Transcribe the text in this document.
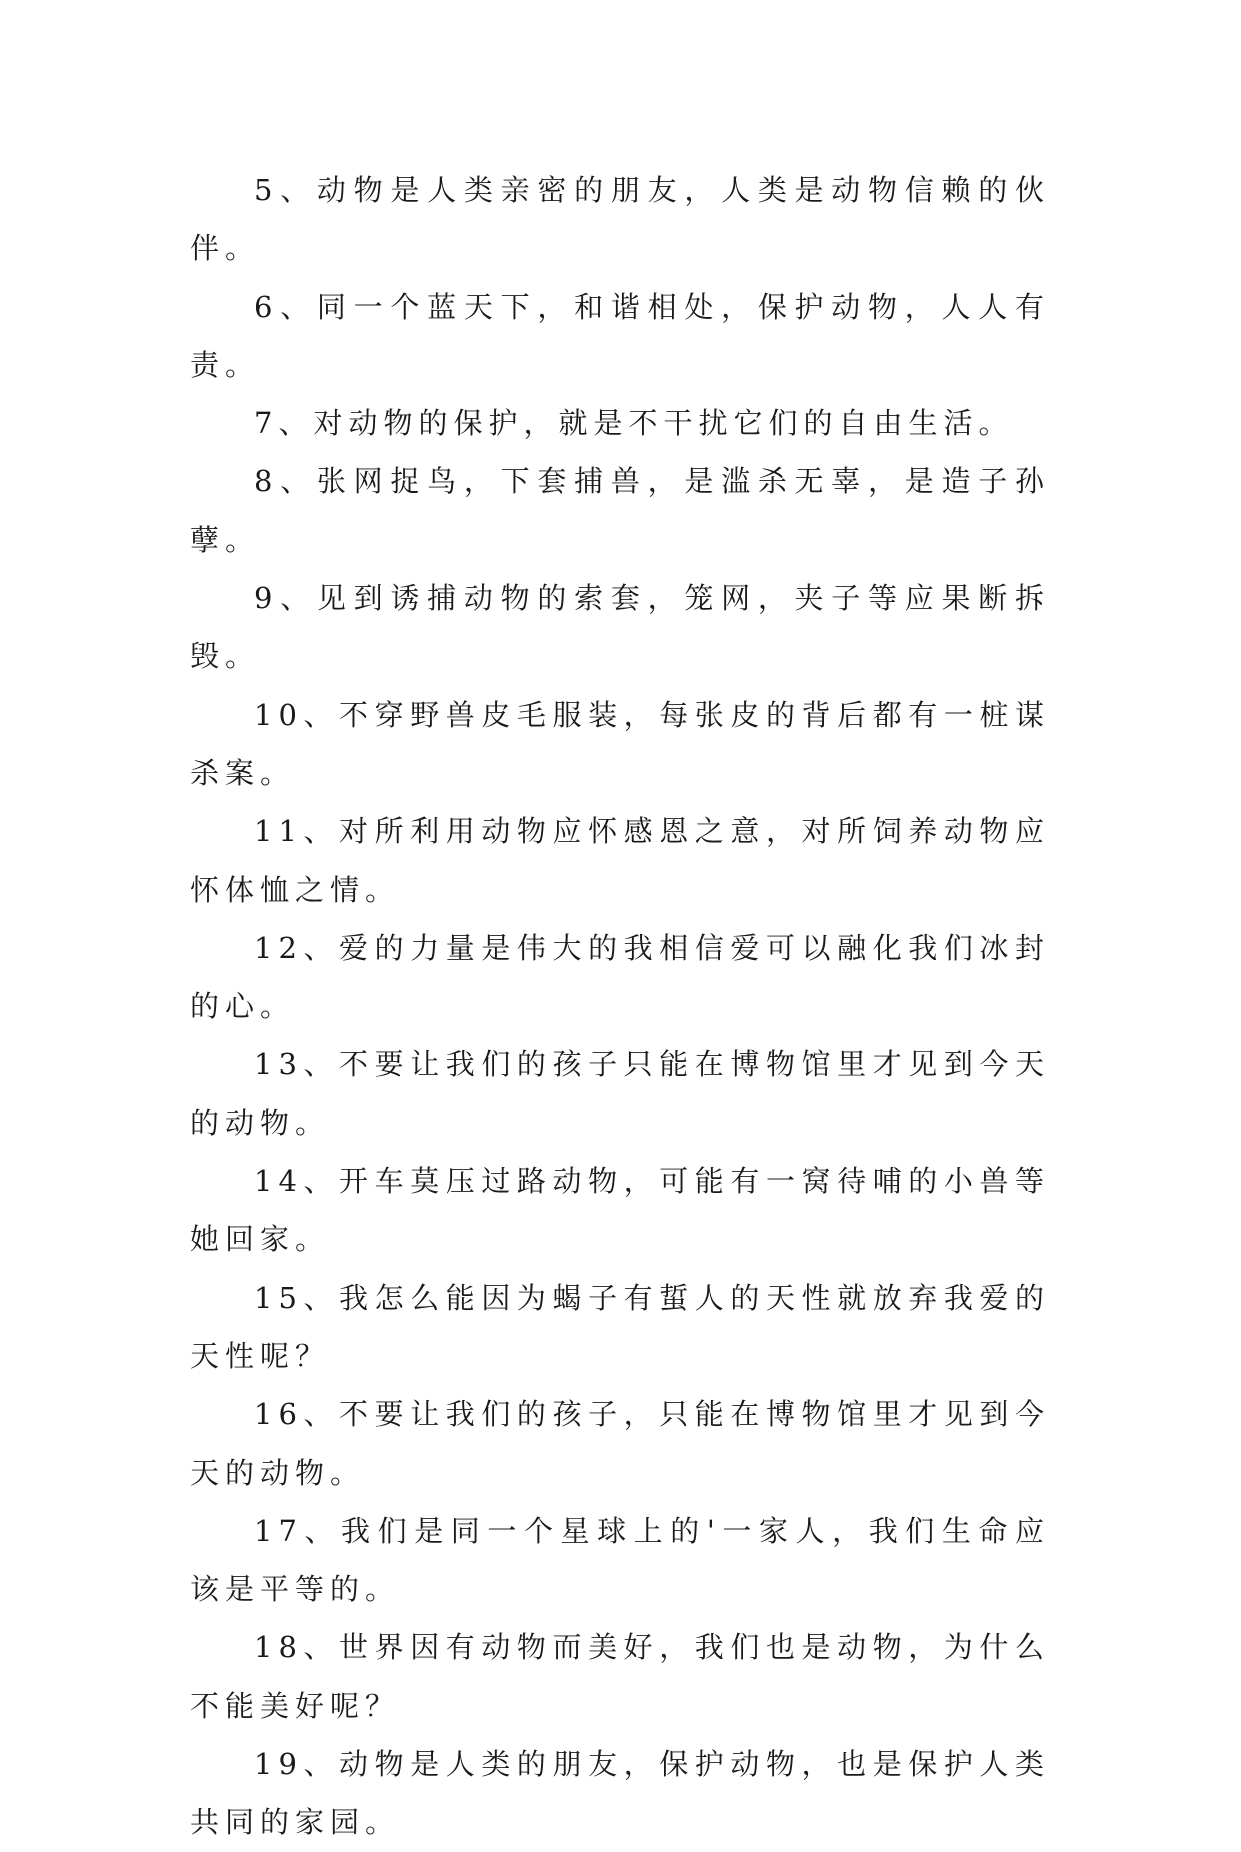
5、动物是人类亲密的朋友，人类是动物信赖的伙伴。

6、同一个蓝天下，和谐相处，保护动物，人人有责。

7、对动物的保护，就是不干扰它们的自由生活。

8、张网捉鸟，下套捕兽，是滥杀无辜，是造子孙孽。

9、见到诱捕动物的索套，笼网，夹子等应果断拆毁。

10、不穿野兽皮毛服装，每张皮的背后都有一桩谋杀案。

11、对所利用动物应怀感恩之意，对所饲养动物应怀体恤之情。

12、爱的力量是伟大的我相信爱可以融化我们冰封的心。

13、不要让我们的孩子只能在博物馆里才见到今天的动物。

14、开车莫压过路动物，可能有一窝待哺的小兽等她回家。

15、我怎么能因为蝎子有蜇人的天性就放弃我爱的天性呢？

16、不要让我们的孩子，只能在博物馆里才见到今天的动物。

17、我们是同一个星球上的'一家人，我们生命应该是平等的。

18、世界因有动物而美好，我们也是动物，为什么不能美好呢？

19、动物是人类的朋友，保护动物，也是保护人类共同的家园。
